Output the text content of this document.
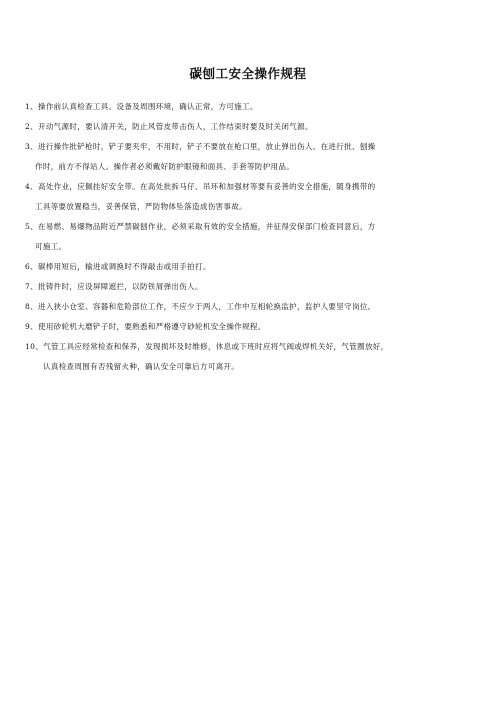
碳刨工安全操作规程
1、操作前认真检查工具、设备及周围环境，确认正常，方可施工。
2、开动气源时，要认清开关，防止风管皮带击伤人，工作结束时要及时关闭气源。
3、进行操作批铲枪时，铲子要夹牢，不用时，铲子不要放在枪口里，放止弹出伤人。在进行批、刨操
作时，前方不得站人。操作者必须戴好防护眼镜和面具、手套等防护用品。
4、高处作业，应佩挂好安全带。在高处批拆马仔、吊环和加强材等要有妥善的安全措施，随身携带的
工具等要放置稳当，妥善保管，严防物体坠落造成伤害事故。
5、在易燃、易爆物品附近严禁碳刨作业，必须采取有效的安全措施，并征得安保部门检查同意后，方
可施工。
6、碳棒用短后，输进或调换时不得敲击或用手拍打。
7、批铸件时，应设屏障遮拦，以防铁屑弹出伤人。
8、进入狭小仓室、容器和危险部位工作，不应少于两人，工作中互相轮换监护，监护人要坚守岗位。
9、使用砂轮机大磨铲子时，要熟悉和严格遵守砂轮机安全操作规程。
10、气管工具应经常检查和保养，发现损坏及时维修，休息或下班时应将气阀或焊机关好，气管圈放好，
认真检查周围有否残留火种，确认安全可靠后方可离开。
